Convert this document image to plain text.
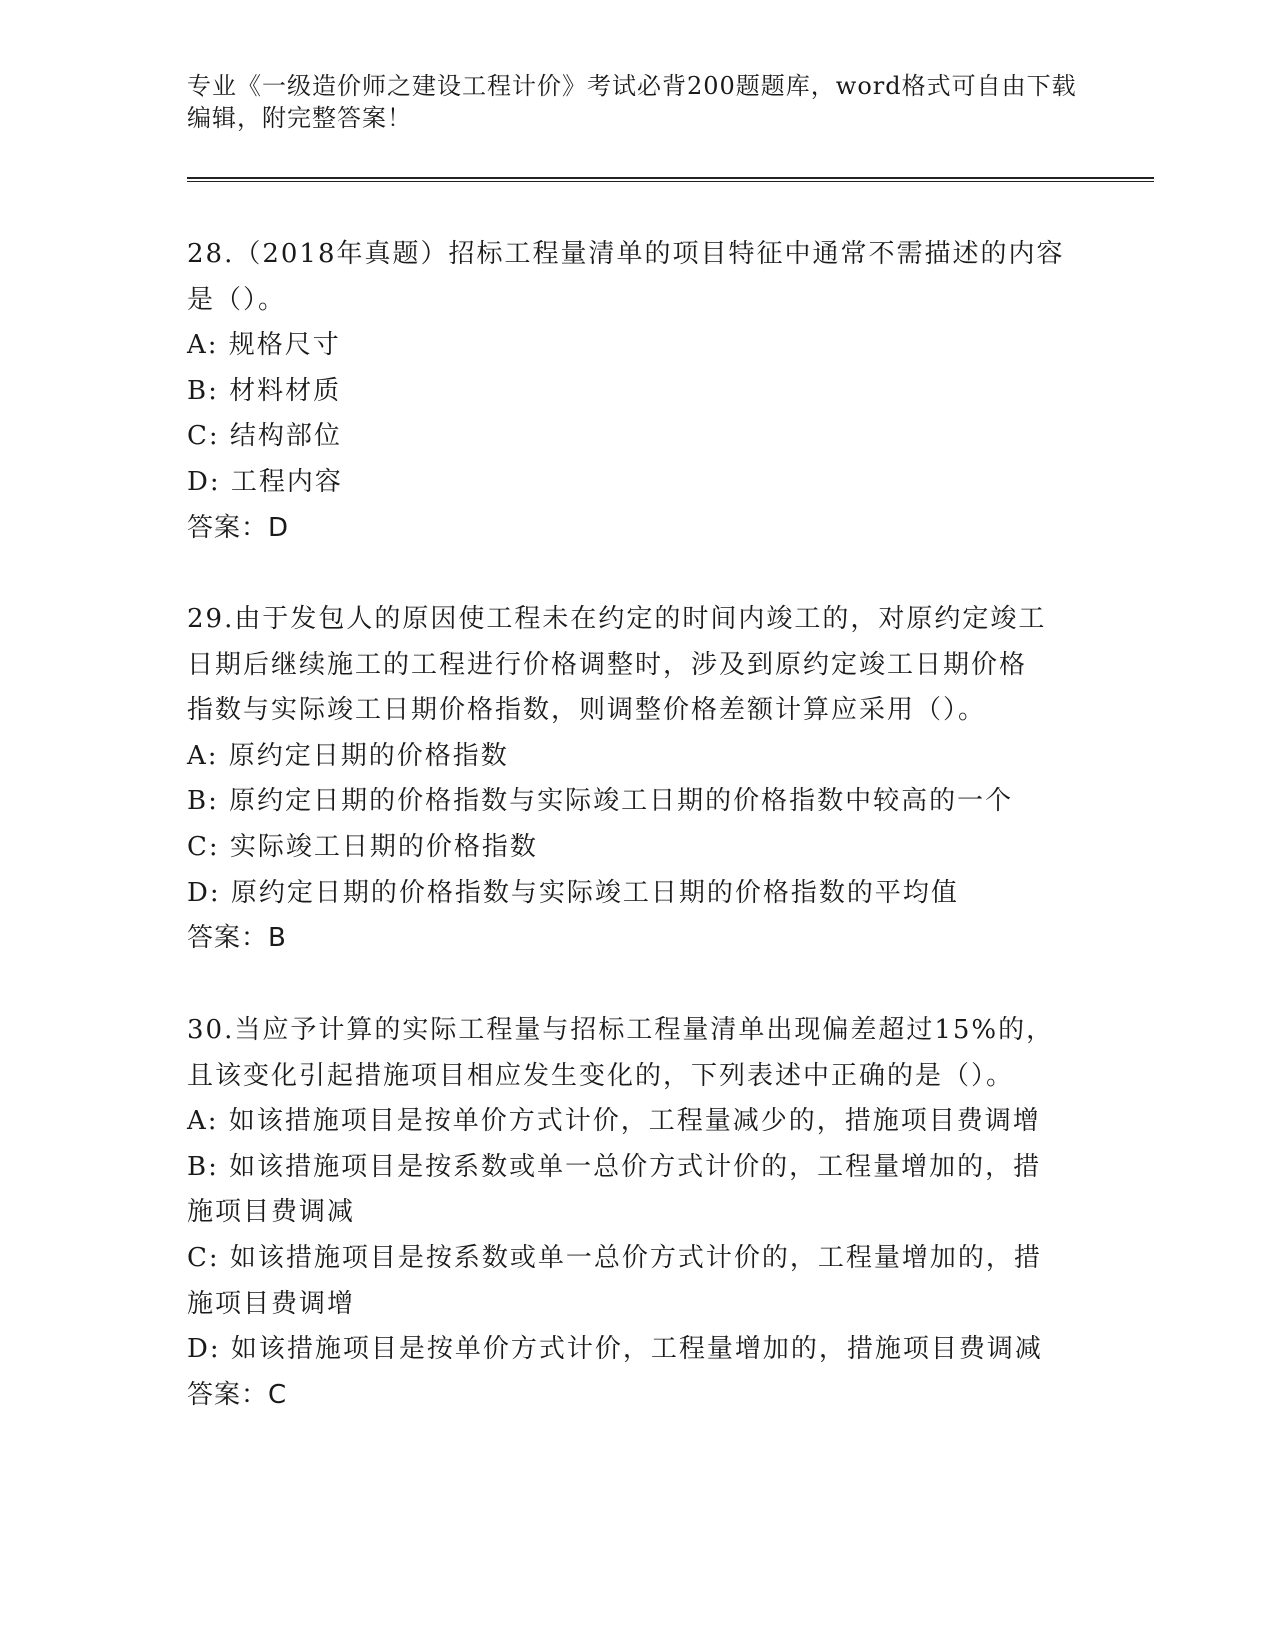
专业《一级造价师之建设工程计价》考试必背200题题库，word格式可自由下载
编辑，附完整答案！
28.（2018年真题）招标工程量清单的项目特征中通常不需描述的内容
是（）。
A: 规格尺寸
B: 材料材质
C: 结构部位
D: 工程内容
答案：D
29.由于发包人的原因使工程未在约定的时间内竣工的，对原约定竣工
日期后继续施工的工程进行价格调整时，涉及到原约定竣工日期价格
指数与实际竣工日期价格指数，则调整价格差额计算应采用（）。
A: 原约定日期的价格指数
B: 原约定日期的价格指数与实际竣工日期的价格指数中较高的一个
C: 实际竣工日期的价格指数
D: 原约定日期的价格指数与实际竣工日期的价格指数的平均值
答案：B
30.当应予计算的实际工程量与招标工程量清单出现偏差超过15%的，
且该变化引起措施项目相应发生变化的，下列表述中正确的是（）。
A: 如该措施项目是按单价方式计价，工程量减少的，措施项目费调增
B: 如该措施项目是按系数或单一总价方式计价的，工程量增加的，措
施项目费调减
C: 如该措施项目是按系数或单一总价方式计价的，工程量增加的，措
施项目费调增
D: 如该措施项目是按单价方式计价，工程量增加的，措施项目费调减
答案：C
